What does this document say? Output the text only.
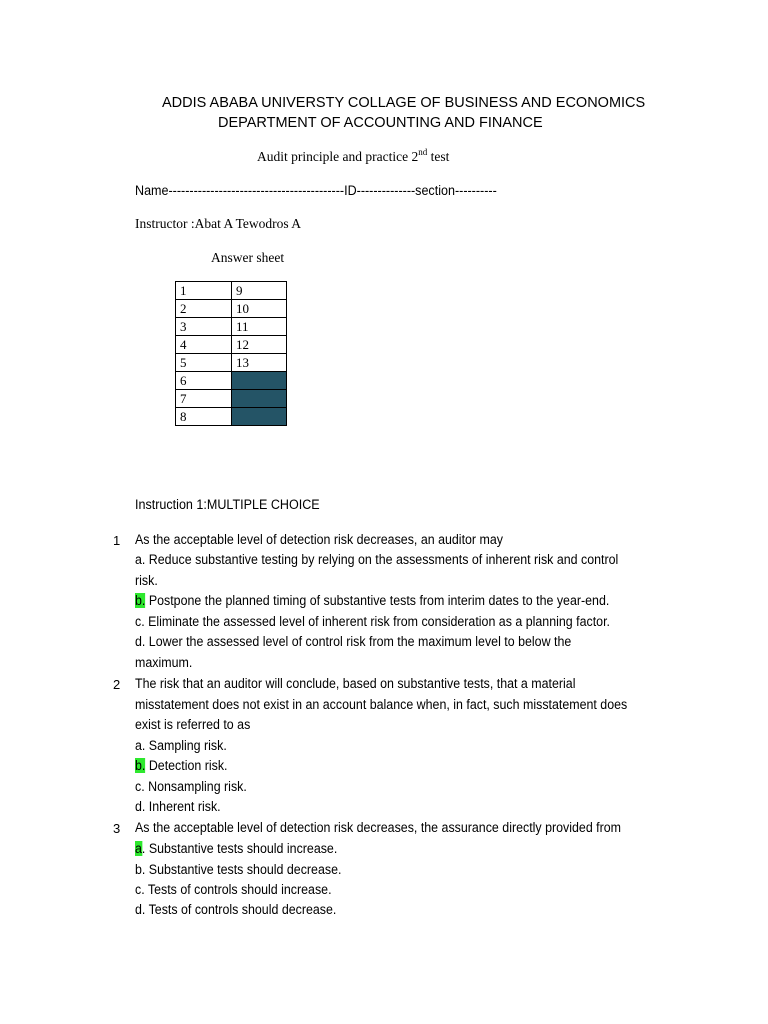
ADDIS ABABA UNIVERSTY COLLAGE OF BUSINESS AND ECONOMICS
DEPARTMENT OF ACCOUNTING AND FINANCE
Audit principle and practice 2nd test
Name------------------------------------------ID--------------section----------
Instructor :Abat A Tewodros A
Answer sheet
1	9
2	10
3	11
4	12
5	13
6	
7	
8	
Instruction 1:MULTIPLE CHOICE
1 As the acceptable level of detection risk decreases, an auditor may
a. Reduce substantive testing by relying on the assessments of inherent risk and control
risk.
b. Postpone the planned timing of substantive tests from interim dates to the year-end.
c. Eliminate the assessed level of inherent risk from consideration as a planning factor.
d. Lower the assessed level of control risk from the maximum level to below the
maximum.
2 The risk that an auditor will conclude, based on substantive tests, that a material
misstatement does not exist in an account balance when, in fact, such misstatement does
exist is referred to as
a. Sampling risk.
b. Detection risk.
c. Nonsampling risk.
d. Inherent risk.
3 As the acceptable level of detection risk decreases, the assurance directly provided from
a. Substantive tests should increase.
b. Substantive tests should decrease.
c. Tests of controls should increase.
d. Tests of controls should decrease.
